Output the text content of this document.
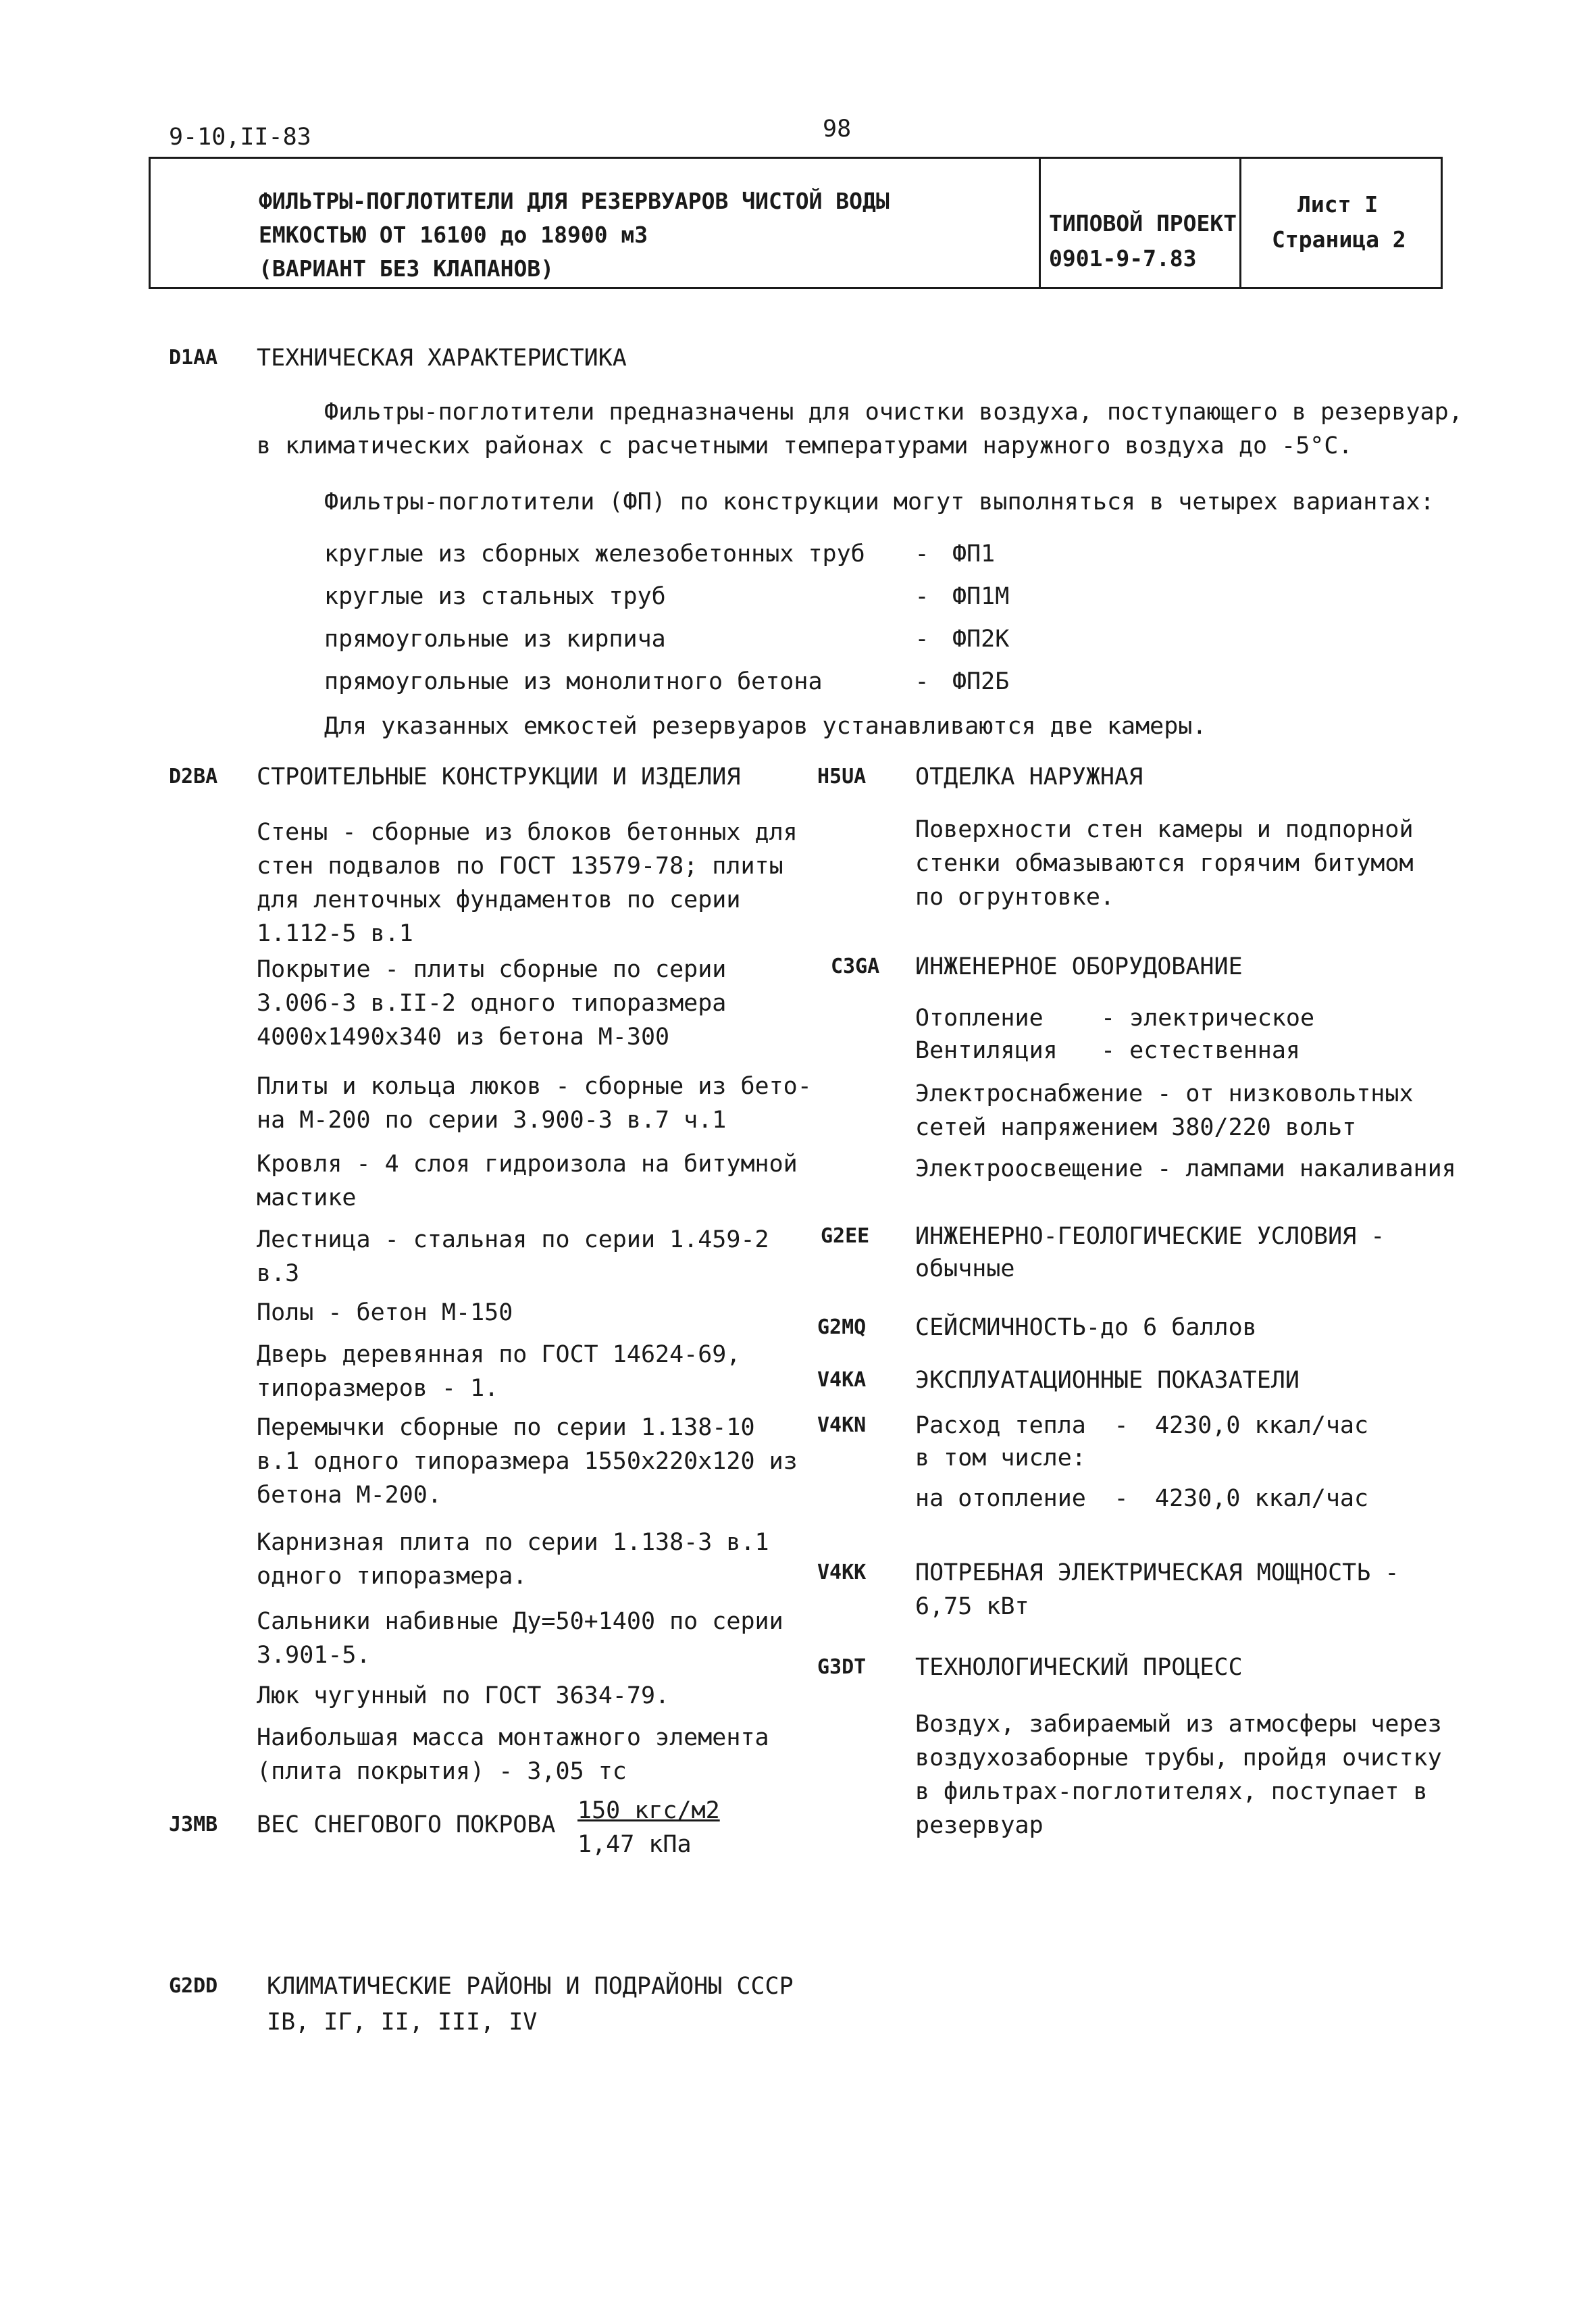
9-10,II-83	98
ФИЛЬТРЫ-ПОГЛОТИТЕЛИ ДЛЯ РЕЗЕРВУАРОВ ЧИСТОЙ ВОДЫ
ЕМКОСТЬЮ ОТ 16100 до 18900 м3
(ВАРИАНТ БЕЗ КЛАПАНОВ)
ТИПОВОЙ ПРОЕКТ
0901-9-7.83
Лист I
Страница 2
D1AA ТЕХНИЧЕСКАЯ ХАРАКТЕРИСТИКА
Фильтры-поглотители предназначены для очистки воздуха, поступающего в резервуар,
в климатических районах с расчетными температурами наружного воздуха до -5°C.
Фильтры-поглотители (ФП) по конструкции могут выполняться в четырех вариантах:
круглые из сборных железобетонных труб - ФП1
круглые из стальных труб	- ФП1М
прямоугольные из кирпича	- ФП2К
прямоугольные из монолитного бетона	- ФП2Б
Для указанных емкостей резервуаров устанавливаются две камеры.
D2BA СТРОИТЕЛЬНЫЕ КОНСТРУКЦИИ И ИЗДЕЛИЯ
Стены - сборные из блоков бетонных для
стен подвалов по ГОСТ 13579-78; плиты
для ленточных фундаментов по серии
1.112-5 в.1
Покрытие - плиты сборные по серии
3.006-3 в.II-2 одного типоразмера
4000x1490x340 из бетона М-300
Плиты и кольца люков - сборные из бето-
на М-200 по серии 3.900-3 в.7 ч.1
Кровля - 4 слоя гидроизола на битумной
мастике
Лестница - стальная по серии 1.459-2
в.3
Полы - бетон М-150
Дверь деревянная по ГОСТ 14624-69,
типоразмеров - 1.
Перемычки сборные по серии 1.138-10
в.1 одного типоразмера 1550x220x120 из
бетона М-200.
Карнизная плита по серии 1.138-3 в.1
одного типоразмера.
Сальники набивные Ду=50+1400 по серии
3.901-5.
Люк чугунный по ГОСТ 3634-79.
Наибольшая масса монтажного элемента
(плита покрытия) - 3,05 тс
J3MB ВЕС СНЕГОВОГО ПОКРОВА
150 кгс/м2
1,47 кПа
H5UA ОТДЕЛКА НАРУЖНАЯ
Поверхности стен камеры и подпорной
стенки обмазываются горячим битумом
по огрунтовке.
C3GA ИНЖЕНЕРНОЕ ОБОРУДОВАНИЕ
Отопление - электрическое
Вентиляция - естественная
Электроснабжение - от низковольтных
сетей напряжением 380/220 вольт
Электроосвещение - лампами накаливания
G2EE ИНЖЕНЕРНО-ГЕОЛОГИЧЕСКИЕ УСЛОВИЯ -
обычные
G2MQ СЕЙСМИЧНОСТЬ-до 6 баллов
V4KA ЭКСПЛУАТАЦИОННЫЕ ПОКАЗАТЕЛИ
V4KN Расход тепла - 4230,0 ккал/час
в том числе:
на отопление - 4230,0 ккал/час
V4KK ПОТРЕБНАЯ ЭЛЕКТРИЧЕСКАЯ МОЩНОСТЬ -
6,75 кВт
G3DT ТЕХНОЛОГИЧЕСКИЙ ПРОЦЕСС
Воздух, забираемый из атмосферы через
воздухозаборные трубы, пройдя очистку
в фильтрах-поглотителях, поступает в
резервуар
G2DD КЛИМАТИЧЕСКИЕ РАЙОНЫ И ПОДРАЙОНЫ СССР
IB, IГ, II, III, IV
